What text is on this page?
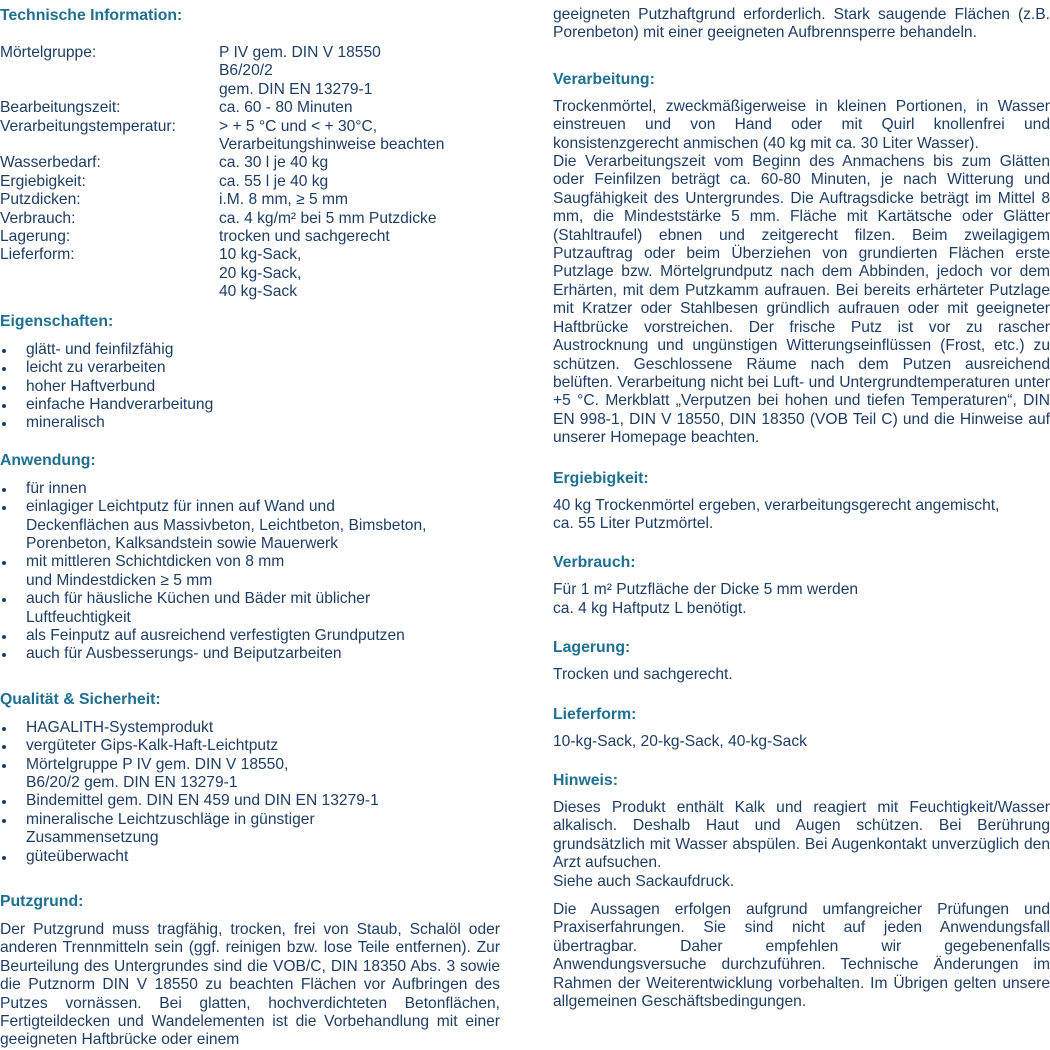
Technische Information:
Mörtelgruppe:	P IV gem. DIN V 18550
B6/20/2
gem. DIN EN 13279-1
Bearbeitungszeit:	ca. 60 - 80 Minuten
Verarbeitungstemperatur:	> + 5 °C und < + 30°C,
Verarbeitungshinweise beachten
Wasserbedarf:	ca. 30 l je 40 kg
Ergiebigkeit:	ca. 55 l je 40 kg
Putzdicken:	i.M. 8 mm, ≥ 5 mm
Verbrauch:	ca. 4 kg/m² bei 5 mm Putzdicke
Lagerung:	trocken und sachgerecht
Lieferform:	10 kg-Sack,
20 kg-Sack,
40 kg-Sack
Eigenschaften:
glätt- und feinfilzfähig
leicht zu verarbeiten
hoher Haftverbund
einfache Handverarbeitung
mineralisch
Anwendung:
für innen
einlagiger Leichtputz für innen auf Wand und
Deckenflächen aus Massivbeton, Leichtbeton, Bimsbeton,
Porenbeton, Kalksandstein sowie Mauerwerk
mit mittleren Schichtdicken von 8 mm
und Mindestdicken ≥ 5 mm
auch für häusliche Küchen und Bäder mit üblicher
Luftfeuchtigkeit
als Feinputz auf ausreichend verfestigten Grundputzen
auch für Ausbesserungs- und Beiputzarbeiten
Qualität & Sicherheit:
HAGALITH-Systemprodukt
vergüteter Gips-Kalk-Haft-Leichtputz
Mörtelgruppe P IV gem. DIN V 18550,
B6/20/2 gem. DIN EN 13279-1
Bindemittel gem. DIN EN 459 und DIN EN 13279-1
mineralische Leichtzuschläge in günstiger
Zusammensetzung
güteüberwacht
Putzgrund:

Der Putzgrund muss tragfähig, trocken, frei von Staub, Schalöl oder anderen Trennmitteln sein (ggf. reinigen bzw. lose Teile entfernen). Zur Beurteilung des Untergrundes sind die VOB/C, DIN 18350 Abs. 3 sowie die Putznorm DIN V 18550 zu beachten Flächen vor Aufbringen des Putzes vornässen. Bei glatten, hochverdichteten Betonflächen, Fertigteildecken und Wandelementen ist die Vorbehandlung mit einer geeigneten Haftbrücke oder einem

geeigneten Putzhaftgrund erforderlich. Stark saugende Flächen (z.B. Porenbeton) mit einer geeigneten Aufbrennsperre behandeln.

Verarbeitung:

Trockenmörtel, zweckmäßigerweise in kleinen Portionen, in Wasser einstreuen und von Hand oder mit Quirl knollenfrei und konsistenzgerecht anmischen (40 kg mit ca. 30 Liter Wasser).

Die Verarbeitungszeit vom Beginn des Anmachens bis zum Glätten oder Feinfilzen beträgt ca. 60-80 Minuten, je nach Witterung und Saugfähigkeit des Untergrundes. Die Auftragsdicke beträgt im Mittel 8 mm, die Mindeststärke 5 mm. Fläche mit Kartätsche oder Glätter (Stahltraufel) ebnen und zeitgerecht filzen. Beim zweilagigem Putzauftrag oder beim Überziehen von grundierten Flächen erste Putzlage bzw. Mörtelgrundputz nach dem Abbinden, jedoch vor dem Erhärten, mit dem Putzkamm aufrauen. Bei bereits erhärteter Putzlage mit Kratzer oder Stahlbesen gründlich aufrauen oder mit geeigneter Haftbrücke vorstreichen. Der frische Putz ist vor zu rascher Austrocknung und ungünstigen Witterungseinflüssen (Frost, etc.) zu schützen. Geschlossene Räume nach dem Putzen ausreichend belüften. Verarbeitung nicht bei Luft- und Untergrundtemperaturen unter +5 °C. Merkblatt „Verputzen bei hohen und tiefen Temperaturen“, DIN EN 998-1, DIN V 18550, DIN 18350 (VOB Teil C) und die Hinweise auf unserer Homepage beachten.

Ergiebigkeit:

40 kg Trockenmörtel ergeben, verarbeitungsgerecht angemischt,
ca. 55 Liter Putzmörtel.

Verbrauch:

Für 1 m² Putzfläche der Dicke 5 mm werden
ca. 4 kg Haftputz L benötigt.

Lagerung:

Trocken und sachgerecht.

Lieferform:

10-kg-Sack, 20-kg-Sack, 40-kg-Sack

Hinweis:

Dieses Produkt enthält Kalk und reagiert mit Feuchtigkeit/Wasser alkalisch. Deshalb Haut und Augen schützen. Bei Berührung grundsätzlich mit Wasser abspülen. Bei Augenkontakt unverzüglich den Arzt aufsuchen.

Siehe auch Sackaufdruck.

Die Aussagen erfolgen aufgrund umfangreicher Prüfungen und Praxiserfahrungen. Sie sind nicht auf jeden Anwendungsfall übertragbar. Daher empfehlen wir gegebenenfalls Anwendungsversuche durchzuführen. Technische Änderungen im Rahmen der Weiterentwicklung vorbehalten. Im Übrigen gelten unsere allgemeinen Geschäftsbedingungen.
